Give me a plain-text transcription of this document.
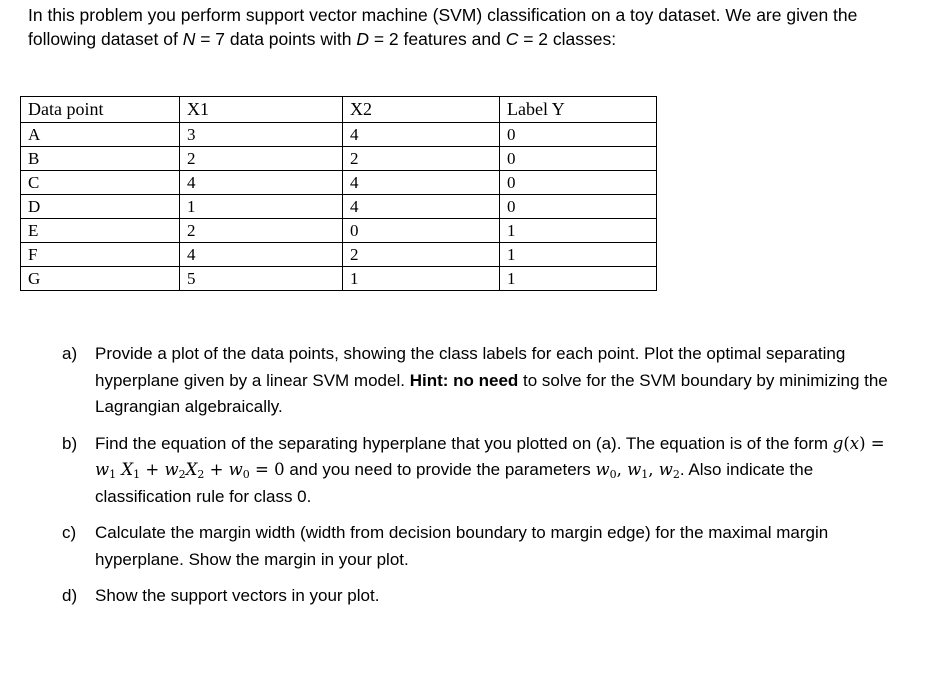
In this problem you perform support vector machine (SVM) classification on a toy dataset. We are given the following dataset of N = 7 data points with D = 2 features and C = 2 classes:
Data point	X1	X2	Label Y
A	3	4	0
B	2	2	0
C	4	4	0
D	1	4	0
E	2	0	1
F	4	2	1
G	5	1	1
a) Provide a plot of the data points, showing the class labels for each point. Plot the optimal separating hyperplane given by a linear SVM model. Hint: no need to solve for the SVM boundary by minimizing the Lagrangian algebraically.
b) Find the equation of the separating hyperplane that you plotted on (a). The equation is of the form $g(x) = w_1$ $X_1 + w_2X_2 + w_0 = 0$ and you need to provide the parameters $w_0$, $w_1$, $w_2$. Also indicate the classification rule for class 0.
c) Calculate the margin width (width from decision boundary to margin edge) for the maximal margin hyperplane. Show the margin in your plot.
d) Show the support vectors in your plot.
